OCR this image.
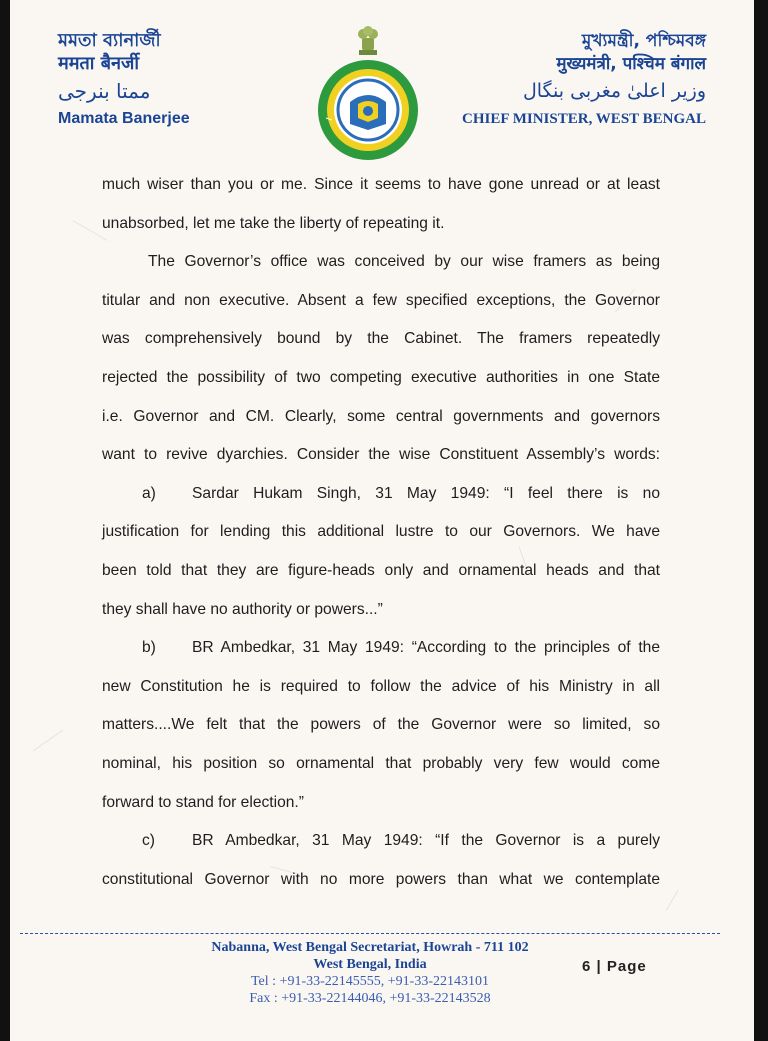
মমতা ব্যানার্জী
ममता बैनर्जी
ممتا بنرجی
Mamata Banerjee
মুখ্যমন্ত্রী, পশ্চিমবঙ্গ
मुख्यमंत्री, पश्चिम बंगाल
وزیر اعلیٰ مغربی بنگال
CHIEF MINISTER, WEST BENGAL
much wiser than you or me. Since it seems to have gone unread or at least
unabsorbed, let me take the liberty of repeating it.
The Governor’s office was conceived by our wise framers as being
titular and non executive. Absent a few specified exceptions, the Governor
was comprehensively bound by the Cabinet. The framers repeatedly
rejected the possibility of two competing executive authorities in one State
i.e. Governor and CM. Clearly, some central governments and governors
want to revive dyarchies. Consider the wise Constituent Assembly’s words:
a) Sardar Hukam Singh, 31 May 1949: “I feel there is no
justification for lending this additional lustre to our Governors. We have
been told that they are figure-heads only and ornamental heads and that
they shall have no authority or powers...”
b) BR Ambedkar, 31 May 1949: “According to the principles of the
new Constitution he is required to follow the advice of his Ministry in all
matters....We felt that the powers of the Governor were so limited, so
nominal, his position so ornamental that probably very few would come
forward to stand for election.”
c) BR Ambedkar, 31 May 1949: “If the Governor is a purely
constitutional Governor with no more powers than what we contemplate
Nabanna, West Bengal Secretariat, Howrah - 711 102
West Bengal, India
Tel : +91-33-22145555, +91-33-22143101
Fax : +91-33-22144046, +91-33-22143528
6 | Page
